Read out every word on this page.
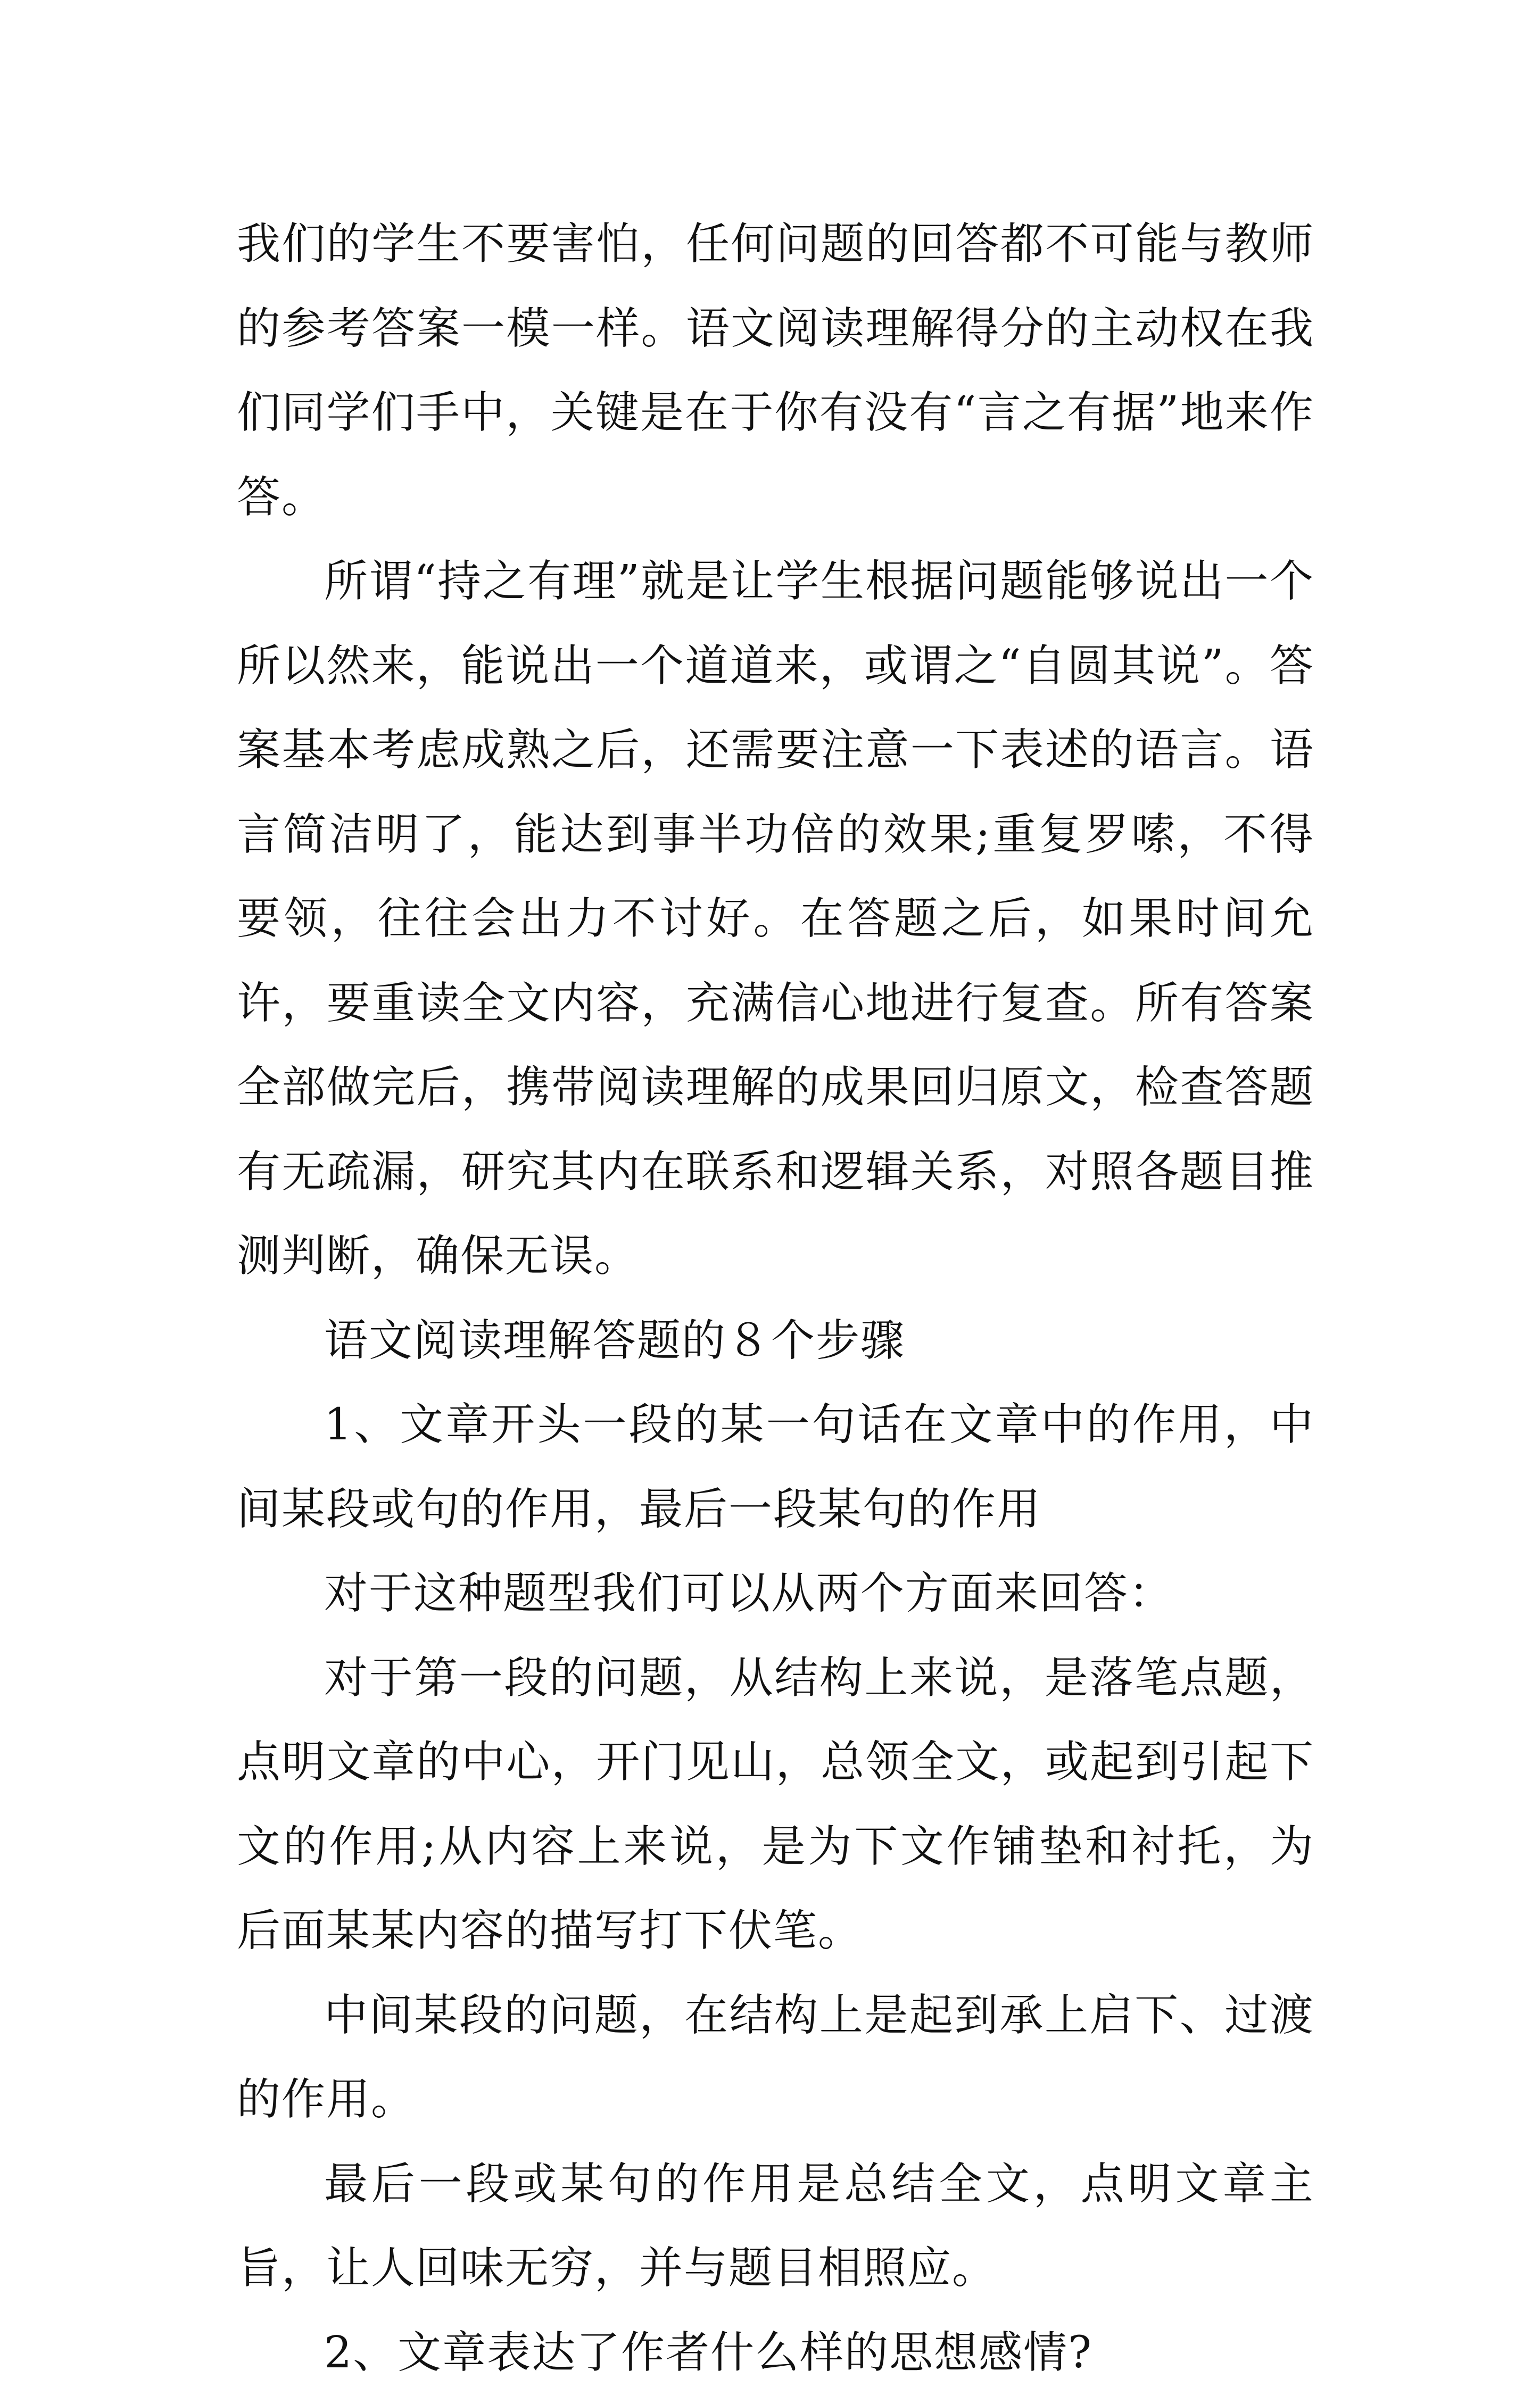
我们的学生不要害怕，任何问题的回答都不可能与教师的参考答案一模一样。语文阅读理解得分的主动权在我们同学们手中，关键是在于你有没有“言之有据”地来作答。

所谓“持之有理”就是让学生根据问题能够说出一个所以然来，能说出一个道道来，或谓之“自圆其说”。答案基本考虑成熟之后，还需要注意一下表述的语言。语言简洁明了，能达到事半功倍的效果;重复罗嗦，不得要领，往往会出力不讨好。在答题之后，如果时间允许，要重读全文内容，充满信心地进行复查。所有答案全部做完后，携带阅读理解的成果回归原文，检查答题有无疏漏，研究其内在联系和逻辑关系，对照各题目推测判断，确保无误。

语文阅读理解答题的８个步骤

1、文章开头一段的某一句话在文章中的作用，中间某段或句的作用，最后一段某句的作用

对于这种题型我们可以从两个方面来回答：

对于第一段的问题，从结构上来说，是落笔点题，点明文章的中心，开门见山，总领全文，或起到引起下文的作用;从内容上来说，是为下文作铺垫和衬托，为后面某某内容的描写打下伏笔。

中间某段的问题，在结构上是起到承上启下、过渡的作用。

最后一段或某句的作用是总结全文，点明文章主旨，让人回味无穷，并与题目相照应。

2、文章表达了作者什么样的思想感情?
